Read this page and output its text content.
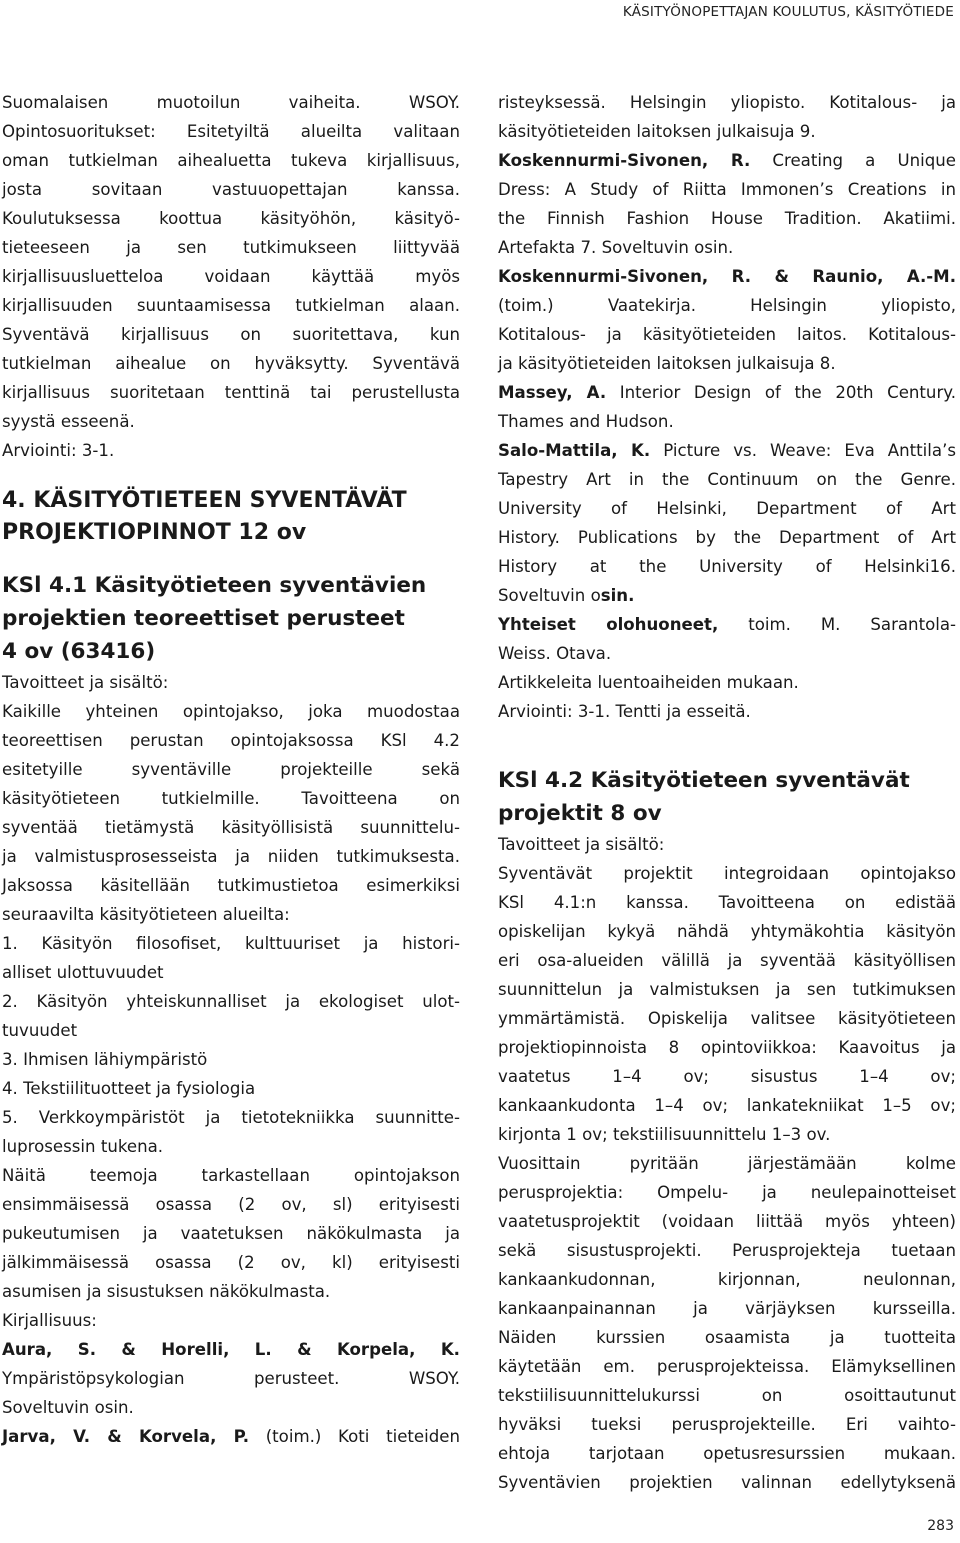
KÄSITYÖNOPETTAJAN KOULUTUS, KÄSITYÖTIEDE
Suomalaisen muotoilun vaiheita. WSOY.
Opintosuoritukset: Esitetyiltä alueilta valitaan
oman tutkielman aihealuetta tukeva kirjallisuus,
josta sovitaan vastuuopettajan kanssa.
Koulutuksessa koottua käsityöhön, käsityö-
tieteeseen ja sen tutkimukseen liittyvää
kirjallisuusluetteloa voidaan käyttää myös
kirjallisuuden suuntaamisessa tutkielman alaan.
Syventävä kirjallisuus on suoritettava, kun
tutkielman aihealue on hyväksytty. Syventävä
kirjallisuus suoritetaan tenttinä tai perustellusta
syystä esseenä.
Arviointi: 3-1.
4. KÄSITYÖTIETEEN SYVENTÄVÄT
PROJEKTIOPINNOT 12 ov
KSl 4.1 Käsityötieteen syventävien
projektien teoreettiset perusteet
4 ov (63416)
Tavoitteet ja sisältö:
Kaikille yhteinen opintojakso, joka muodostaa
teoreettisen perustan opintojaksossa KSl 4.2
esitetyille syventäville projekteille sekä
käsityötieteen tutkielmille. Tavoitteena on
syventää tietämystä käsityöllisistä suunnittelu-
ja valmistusprosesseista ja niiden tutkimuksesta.
Jaksossa käsitellään tutkimustietoa esimerkiksi
seuraavilta käsityötieteen alueilta:
1. Käsityön filosofiset, kulttuuriset ja histori-
alliset ulottuvuudet
2. Käsityön yhteiskunnalliset ja ekologiset ulot-
tuvuudet
3. Ihmisen lähiympäristö
4. Tekstiilituotteet ja fysiologia
5. Verkkoympäristöt ja tietotekniikka suunnitte-
luprosessin tukena.
Näitä teemoja tarkastellaan opintojakson
ensimmäisessä osassa (2 ov, sl) erityisesti
pukeutumisen ja vaatetuksen näkökulmasta ja
jälkimmäisessä osassa (2 ov, kl) erityisesti
asumisen ja sisustuksen näkökulmasta.
Kirjallisuus:
Aura, S. & Horelli, L. & Korpela, K.
Ympäristöpsykologian perusteet. WSOY.
Soveltuvin osin.
Jarva, V. & Korvela, P. (toim.) Koti tieteiden
risteyksessä. Helsingin yliopisto. Kotitalous- ja
käsityötieteiden laitoksen julkaisuja 9.
Koskennurmi-Sivonen, R. Creating a Unique
Dress: A Study of Riitta Immonen’s Creations in
the Finnish Fashion House Tradition. Akatiimi.
Artefakta 7. Soveltuvin osin.
Koskennurmi-Sivonen, R. & Raunio, A.-M.
(toim.) Vaatekirja. Helsingin yliopisto,
Kotitalous- ja käsityötieteiden laitos. Kotitalous-
ja käsityötieteiden laitoksen julkaisuja 8.
Massey, A. Interior Design of the 20th Century.
Thames and Hudson.
Salo-Mattila, K. Picture vs. Weave: Eva Anttila’s
Tapestry Art in the Continuum on the Genre.
University of Helsinki, Department of Art
History. Publications by the Department of Art
History at the University of Helsinki16.
Soveltuvin osin.
Yhteiset olohuoneet, toim. M. Sarantola-
Weiss. Otava.
Artikkeleita luentoaiheiden mukaan.
Arviointi: 3-1. Tentti ja esseitä.
KSl 4.2 Käsityötieteen syventävät
projektit 8 ov
Tavoitteet ja sisältö:
Syventävät projektit integroidaan opintojakso
KSl 4.1:n kanssa. Tavoitteena on edistää
opiskelijan kykyä nähdä yhtymäkohtia käsityön
eri osa-alueiden välillä ja syventää käsityöllisen
suunnittelun ja valmistuksen ja sen tutkimuksen
ymmärtämistä. Opiskelija valitsee käsityötieteen
projektiopinnoista 8 opintoviikkoa: Kaavoitus ja
vaatetus 1–4 ov; sisustus 1–4 ov;
kankaankudonta 1–4 ov; lankatekniikat 1–5 ov;
kirjonta 1 ov; tekstiilisuunnittelu 1–3 ov.
Vuosittain pyritään järjestämään kolme
perusprojektia: Ompelu- ja neulepainotteiset
vaatetusprojektit (voidaan liittää myös yhteen)
sekä sisustusprojekti. Perusprojekteja tuetaan
kankaankudonnan, kirjonnan, neulonnan,
kankaanpainannan ja värjäyksen kursseilla.
Näiden kurssien osaamista ja tuotteita
käytetään em. perusprojekteissa. Elämyksellinen
tekstiilisuunnittelukurssi on osoittautunut
hyväksi tueksi perusprojekteille. Eri vaihto-
ehtoja tarjotaan opetusresurssien mukaan.
Syventävien projektien valinnan edellytyksenä
283
